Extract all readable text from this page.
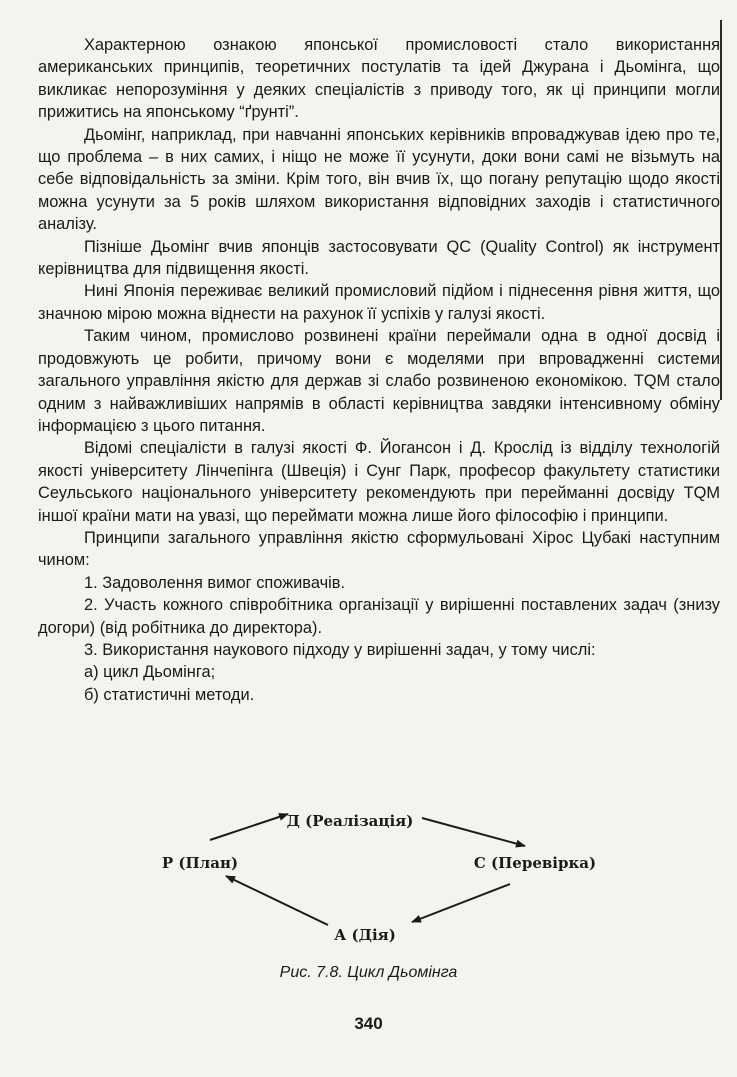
Характерною ознакою японської промисловості стало використання американських принципів, теоретичних постулатів та ідей Джурана і Дьомінга, що викликає непорозуміння у деяких спеціалістів з приводу того, як ці принципи могли прижитись на японському “ґрунті”.

Дьомінг, наприклад, при навчанні японських керівників впроваджував ідею про те, що проблема – в них самих, і ніщо не може її усунути, доки вони самі не візьмуть на себе відповідальність за зміни. Крім того, він вчив їх, що погану репутацію щодо якості можна усунути за 5 років шляхом використання відповідних заходів і статистичного аналізу.

Пізніше Дьомінг вчив японців застосовувати QC (Quality Control) як інструмент керівництва для підвищення якості.

Нині Японія переживає великий промисловий підйом і піднесення рівня життя, що значною мірою можна віднести на рахунок її успіхів у галузі якості.

Таким чином, промислово розвинені країни переймали одна в одної досвід і продовжують це робити, причому вони є моделями при впровадженні системи загального управління якістю для держав зі слабо розвиненою економікою. TQM стало одним з найважливіших напрямів в області керівництва завдяки інтенсивному обміну інформацією з цього питання.

Відомі спеціалісти в галузі якості Ф. Йогансон і Д. Кpослід із відділу технологій якості університету Лінчепінга (Швеція) і Сунг Парк, професор факультету статистики Сеульського національного університету рекомендують при перейманні досвіду TQM іншої країни мати на увазі, що переймати можна лише його філософію і принципи.

Принципи загального управління якістю сформульовані Хірос Цубакі наступним чином:

1. Задоволення вимог споживачів.

2. Участь кожного співробітника організації у вирішенні поставлених задач (знизу догори) (від робітника до директора).

3. Використання наукового підходу у вирішенні задач, у тому числі:

а) цикл Дьомінга;

б) статистичні методи.

Д (Реалізація)
Р (План)	С (Перевірка)
А (Дія)
Рис. 7.8. Цикл Дьомінга
340
